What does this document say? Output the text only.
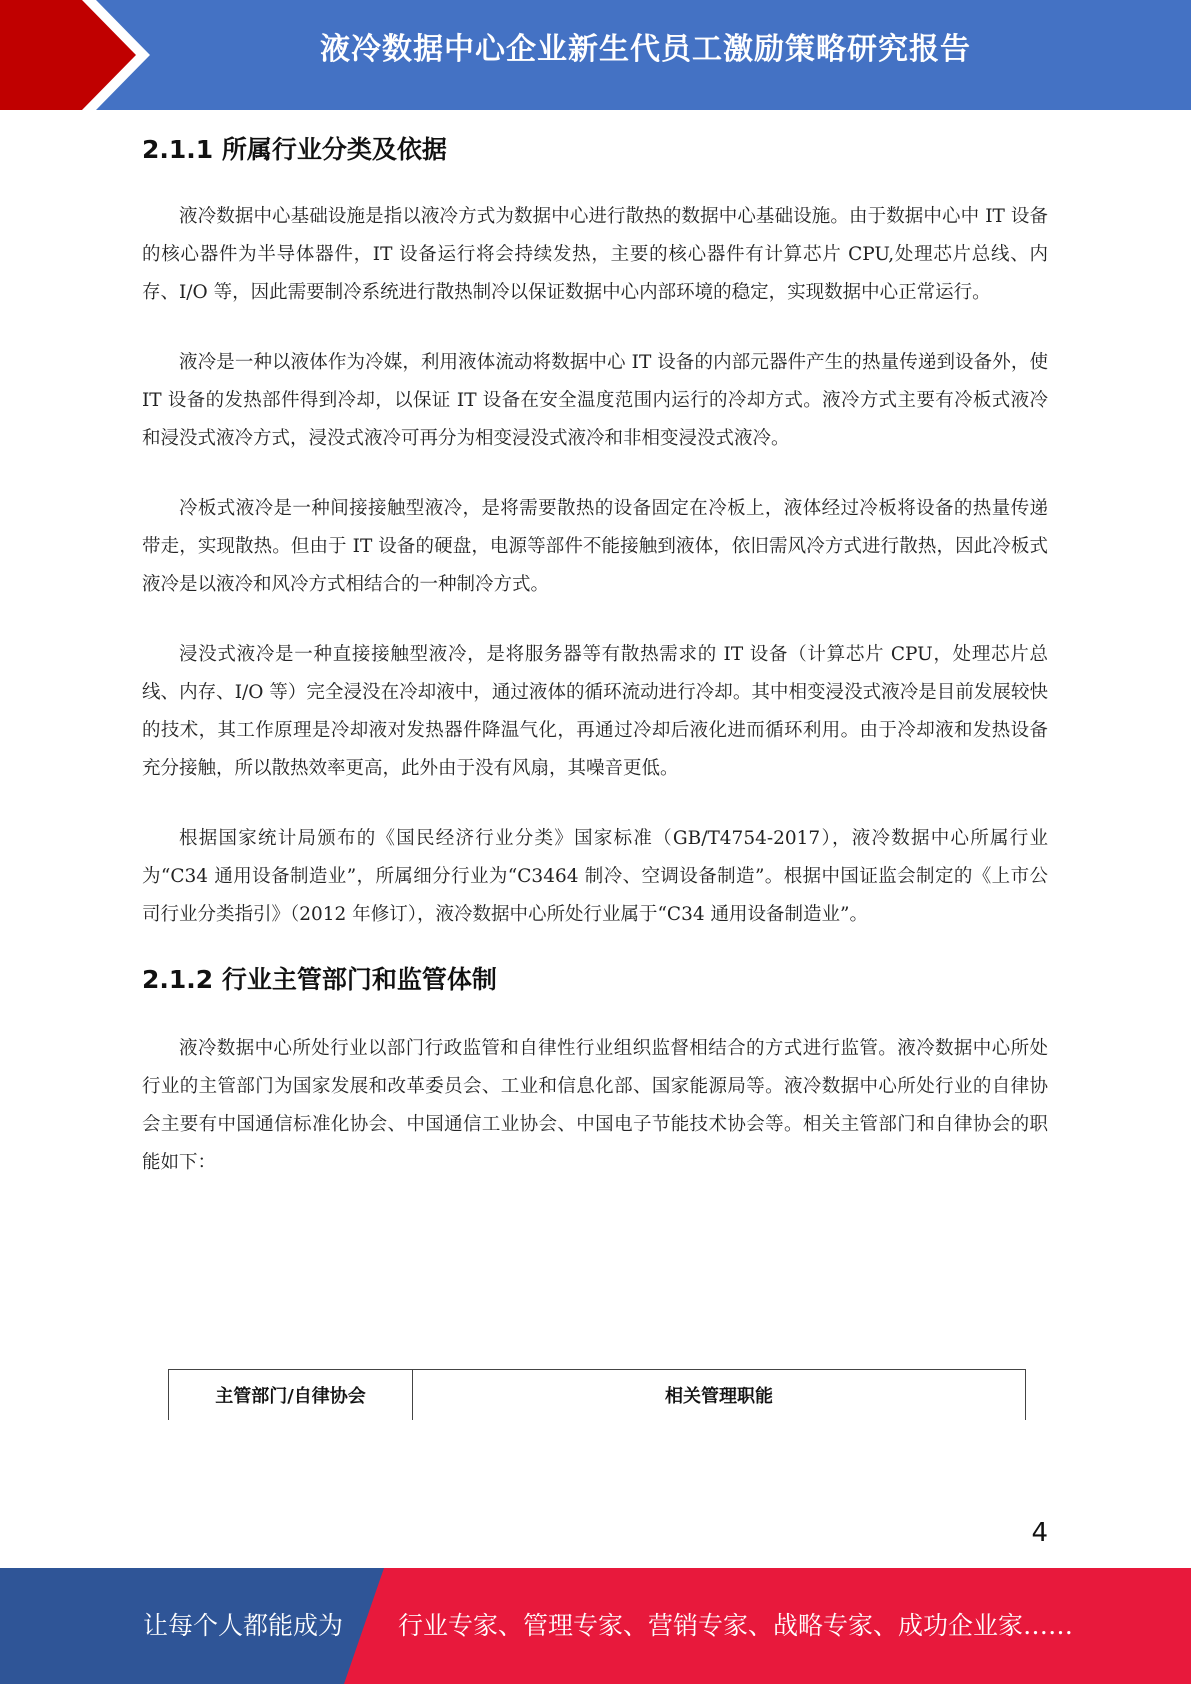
液冷数据中心企业新生代员工激励策略研究报告
2.1.1 所属行业分类及依据

液冷数据中心基础设施是指以液冷方式为数据中心进行散热的数据中心基础设施。由于数据中心中 IT 设备的核心器件为半导体器件，IT 设备运行将会持续发热，主要的核心器件有计算芯片 CPU,处理芯片总线、内存、I/O 等，因此需要制冷系统进行散热制冷以保证数据中心内部环境的稳定，实现数据中心正常运行。

液冷是一种以液体作为冷媒，利用液体流动将数据中心 IT 设备的内部元器件产生的热量传递到设备外，使 IT 设备的发热部件得到冷却，以保证 IT 设备在安全温度范围内运行的冷却方式。液冷方式主要有冷板式液冷和浸没式液冷方式，浸没式液冷可再分为相变浸没式液冷和非相变浸没式液冷。

冷板式液冷是一种间接接触型液冷，是将需要散热的设备固定在冷板上，液体经过冷板将设备的热量传递带走，实现散热。但由于 IT 设备的硬盘，电源等部件不能接触到液体，依旧需风冷方式进行散热，因此冷板式液冷是以液冷和风冷方式相结合的一种制冷方式。

浸没式液冷是一种直接接触型液冷，是将服务器等有散热需求的 IT 设备（计算芯片 CPU，处理芯片总线、内存、I/O 等）完全浸没在冷却液中，通过液体的循环流动进行冷却。其中相变浸没式液冷是目前发展较快的技术，其工作原理是冷却液对发热器件降温气化，再通过冷却后液化进而循环利用。由于冷却液和发热设备充分接触，所以散热效率更高，此外由于没有风扇，其噪音更低。

根据国家统计局颁布的《国民经济行业分类》国家标准（GB/T4754-2017），液冷数据中心所属行业为“C34 通用设备制造业”，所属细分行业为“C3464 制冷、空调设备制造”。根据中国证监会制定的《上市公司行业分类指引》（2012 年修订），液冷数据中心所处行业属于“C34 通用设备制造业”。

2.1.2 行业主管部门和监管体制

液冷数据中心所处行业以部门行政监管和自律性行业组织监督相结合的方式进行监管。液冷数据中心所处行业的主管部门为国家发展和改革委员会、工业和信息化部、国家能源局等。液冷数据中心所处行业的自律协会主要有中国通信标准化协会、中国通信工业协会、中国电子节能技术协会等。相关主管部门和自律协会的职能如下：

主管部门/自律协会	相关管理职能
4
让每个人都能成为 行业专家、管理专家、营销专家、战略专家、成功企业家……
